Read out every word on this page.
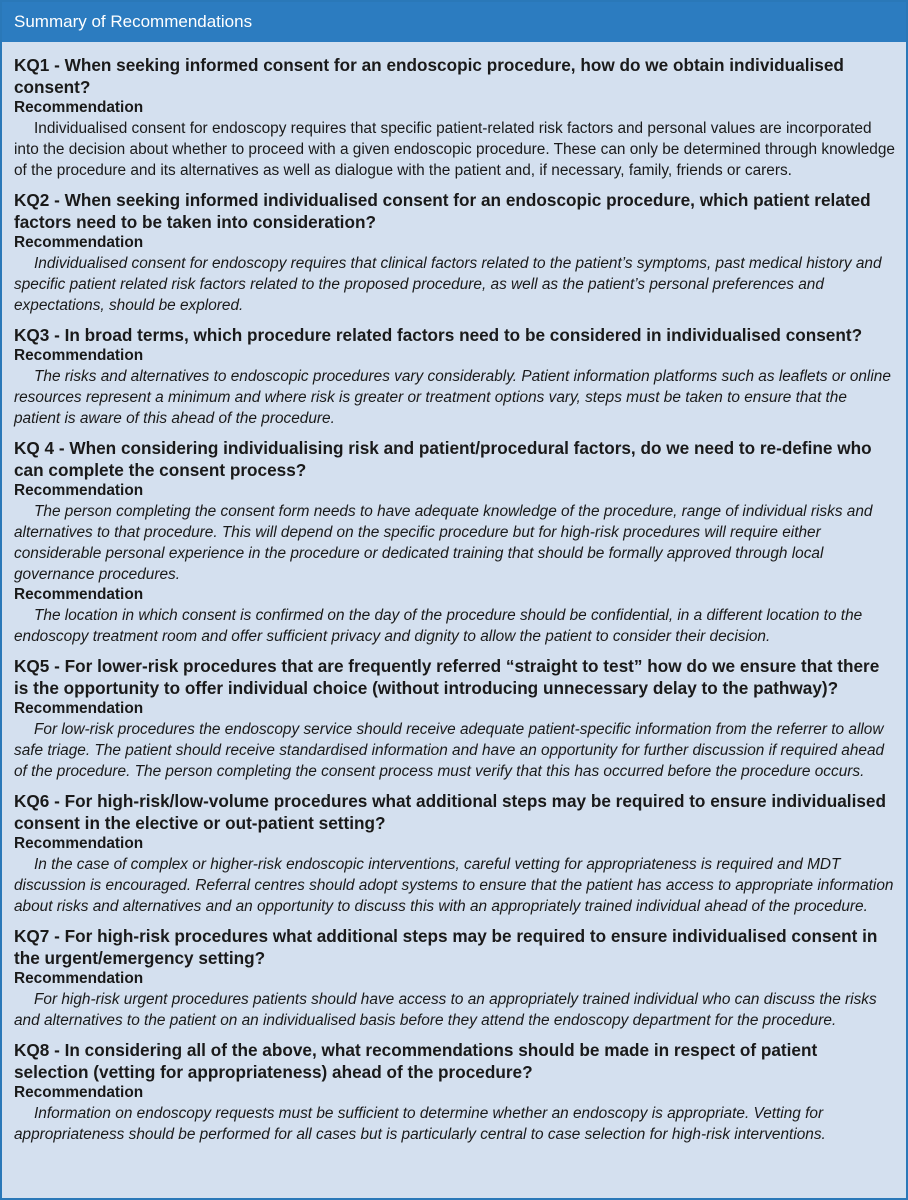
Summary of Recommendations

KQ1 - When seeking informed consent for an endoscopic procedure, how do we obtain individualised consent?

Recommendation

Individualised consent for endoscopy requires that specific patient-related risk factors and personal values are incorporated into the decision about whether to proceed with a given endoscopic procedure. These can only be determined through knowledge of the procedure and its alternatives as well as dialogue with the patient and, if necessary, family, friends or carers.

KQ2 - When seeking informed individualised consent for an endoscopic procedure, which patient related factors need to be taken into consideration?

Recommendation

Individualised consent for endoscopy requires that clinical factors related to the patient’s symptoms, past medical history and specific patient related risk factors related to the proposed procedure, as well as the patient’s personal preferences and expectations, should be explored.

KQ3 - In broad terms, which procedure related factors need to be considered in individualised consent?

Recommendation

The risks and alternatives to endoscopic procedures vary considerably. Patient information platforms such as leaflets or online resources represent a minimum and where risk is greater or treatment options vary, steps must be taken to ensure that the patient is aware of this ahead of the procedure.

KQ 4 - When considering individualising risk and patient/procedural factors, do we need to re-define who can complete the consent process?

Recommendation

The person completing the consent form needs to have adequate knowledge of the procedure, range of individual risks and alternatives to that procedure. This will depend on the specific procedure but for high-risk procedures will require either considerable personal experience in the procedure or dedicated training that should be formally approved through local governance procedures.

Recommendation

The location in which consent is confirmed on the day of the procedure should be confidential, in a different location to the endoscopy treatment room and offer sufficient privacy and dignity to allow the patient to consider their decision.

KQ5 - For lower-risk procedures that are frequently referred “straight to test” how do we ensure that there is the opportunity to offer individual choice (without introducing unnecessary delay to the pathway)?

Recommendation

For low-risk procedures the endoscopy service should receive adequate patient-specific information from the referrer to allow safe triage. The patient should receive standardised information and have an opportunity for further discussion if required ahead of the procedure. The person completing the consent process must verify that this has occurred before the procedure occurs.

KQ6 - For high-risk/low-volume procedures what additional steps may be required to ensure individualised consent in the elective or out-patient setting?

Recommendation

In the case of complex or higher-risk endoscopic interventions, careful vetting for appropriateness is required and MDT discussion is encouraged. Referral centres should adopt systems to ensure that the patient has access to appropriate information about risks and alternatives and an opportunity to discuss this with an appropriately trained individual ahead of the procedure.

KQ7 - For high-risk procedures what additional steps may be required to ensure individualised consent in the urgent/emergency setting?

Recommendation

For high-risk urgent procedures patients should have access to an appropriately trained individual who can discuss the risks and alternatives to the patient on an individualised basis before they attend the endoscopy department for the procedure.

KQ8 - In considering all of the above, what recommendations should be made in respect of patient selection (vetting for appropriateness) ahead of the procedure?

Recommendation

Information on endoscopy requests must be sufficient to determine whether an endoscopy is appropriate. Vetting for appropriateness should be performed for all cases but is particularly central to case selection for high-risk interventions.
